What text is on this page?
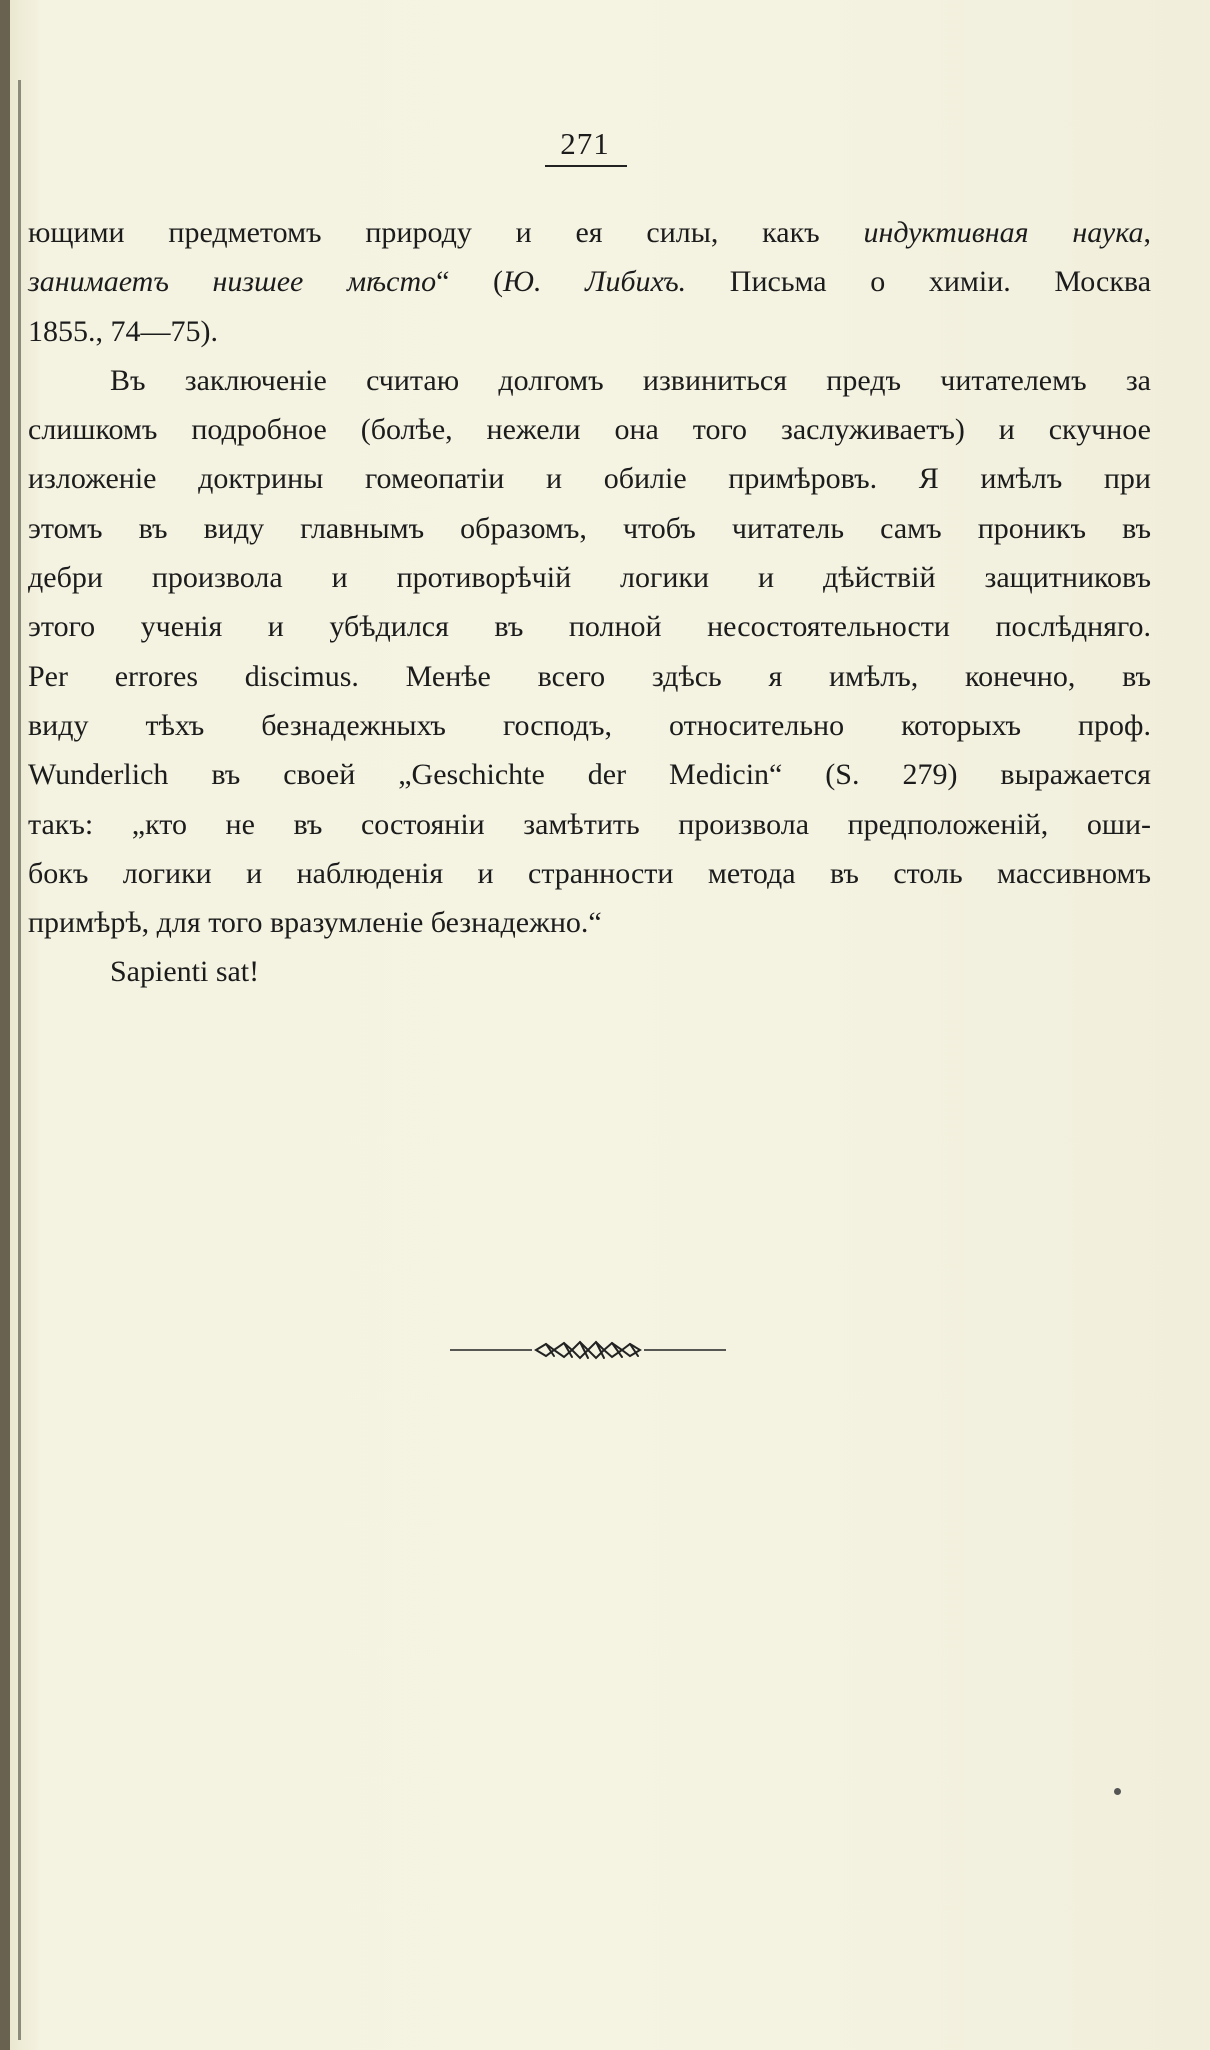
271
ющими предметомъ природу и ея силы, какъ индуктивная наука,
занимаетъ низшее мѣсто“ (Ю. Либихъ. Письма о химіи. Москва
1855., 74—75).
Въ заключеніе считаю долгомъ извиниться предъ читателемъ за
слишкомъ подробное (болѣе, нежели она того заслуживаетъ) и скучное
изложеніе доктрины гомеопатіи и обиліе примѣровъ. Я имѣлъ при
этомъ въ виду главнымъ образомъ, чтобъ читатель самъ проникъ въ
дебри произвола и противорѣчій логики и дѣйствій защитниковъ
этого ученія и убѣдился въ полной несостоятельности послѣдняго.
Per errores discimus. Менѣе всего здѣсь я имѣлъ, конечно, въ
виду тѣхъ безнадежныхъ господъ, относительно которыхъ проф.
Wunderlich въ своей „Geschichte der Medicin“ (S. 279) выражается
такъ: „кто не въ состояніи замѣтить произвола предположеній, оши-
бокъ логики и наблюденія и странности метода въ столь массивномъ
примѣрѣ, для того вразумленіе безнадежно.“
Sapienti sat!
